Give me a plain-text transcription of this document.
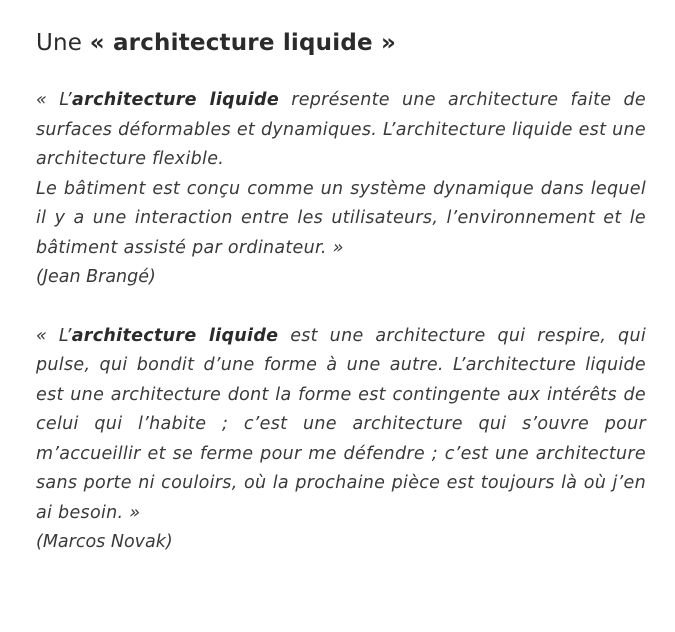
Une « architecture liquide »

« L’architecture liquide représente une architecture faite de surfaces déformables et dynamiques. L’architecture liquide est une architecture flexible.

Le bâtiment est conçu comme un système dynamique dans lequel il y a une interaction entre les utilisateurs, l’environnement et le bâtiment assisté par ordinateur. »

(Jean Brangé)

« L’architecture liquide est une architecture qui respire, qui pulse, qui bondit d’une forme à une autre. L’architecture liquide est une architecture dont la forme est contingente aux intérêts de celui qui l’habite ; c’est une architecture qui s’ouvre pour m’accueillir et se ferme pour me défendre ; c’est une architecture sans porte ni couloirs, où la prochaine pièce est toujours là où j’en ai besoin. »

(Marcos Novak)
